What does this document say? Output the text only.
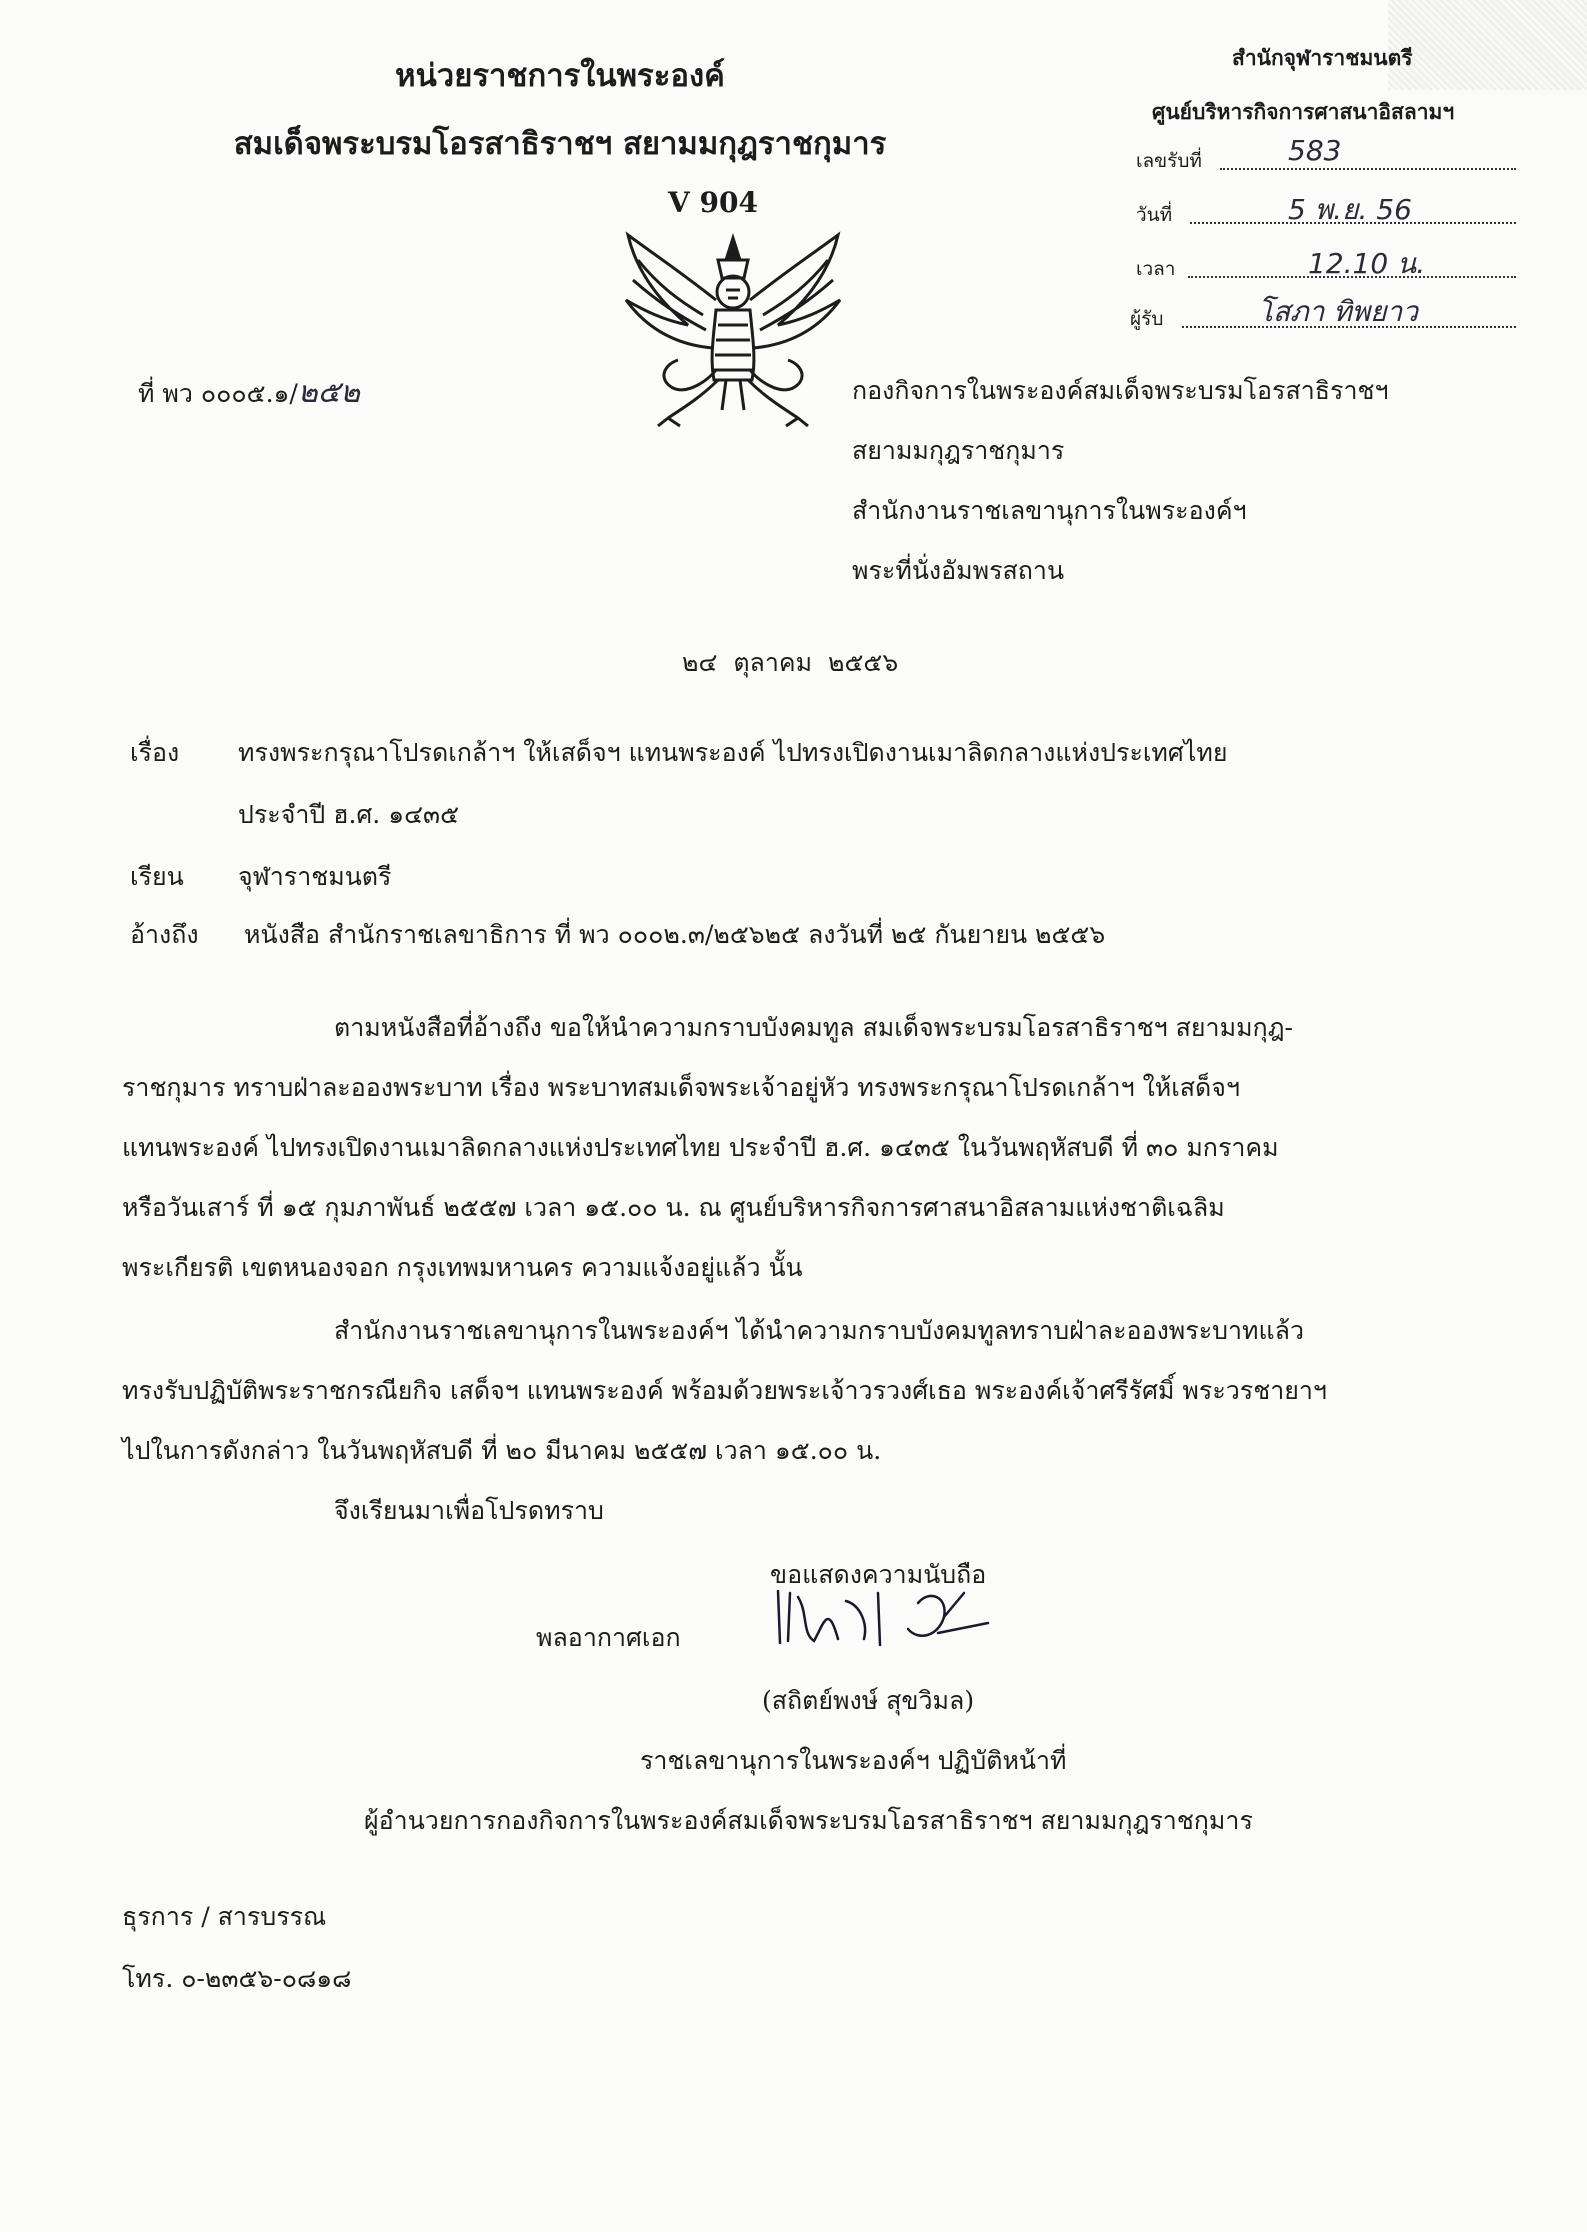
หน่วยราชการในพระองค์
สมเด็จพระบรมโอรสาธิราชฯ สยามมกุฎราชกุมาร
V 904
สำนักจุฬาราชมนตรี
ศูนย์บริหารกิจการศาสนาอิสลามฯ
เลขรับที่	583
วันที่	5 พ.ย. 56
เวลา	12.10 น.
ผู้รับ	โสภา ทิพยาว
ที่ พว ๐๐๐๕.๑/๒๕๒	กองกิจการในพระองค์สมเด็จพระบรมโอรสาธิราชฯ
สยามมกุฎราชกุมาร
สำนักงานราชเลขานุการในพระองค์ฯ
พระที่นั่งอัมพรสถาน
๒๔ ตุลาคม ๒๕๕๖
เรื่อง ทรงพระกรุณาโปรดเกล้าฯ ให้เสด็จฯ แทนพระองค์ ไปทรงเปิดงานเมาลิดกลางแห่งประเทศไทย
ประจำปี ฮ.ศ. ๑๔๓๕
เรียน จุฬาราชมนตรี
อ้างถึง หนังสือ สำนักราชเลขาธิการ ที่ พว ๐๐๐๒.๓/๒๕๖๒๕ ลงวันที่ ๒๕ กันยายน ๒๕๕๖
ตามหนังสือที่อ้างถึง ขอให้นำความกราบบังคมทูล สมเด็จพระบรมโอรสาธิราชฯ สยามมกุฎ-
ราชกุมาร ทราบฝ่าละอองพระบาท เรื่อง พระบาทสมเด็จพระเจ้าอยู่หัว ทรงพระกรุณาโปรดเกล้าฯ ให้เสด็จฯ
แทนพระองค์ ไปทรงเปิดงานเมาลิดกลางแห่งประเทศไทย ประจำปี ฮ.ศ. ๑๔๓๕ ในวันพฤหัสบดี ที่ ๓๐ มกราคม
หรือวันเสาร์ ที่ ๑๕ กุมภาพันธ์ ๒๕๕๗ เวลา ๑๕.๐๐ น. ณ ศูนย์บริหารกิจการศาสนาอิสลามแห่งชาติเฉลิม
พระเกียรติ เขตหนองจอก กรุงเทพมหานคร ความแจ้งอยู่แล้ว นั้น
สำนักงานราชเลขานุการในพระองค์ฯ ได้นำความกราบบังคมทูลทราบฝ่าละอองพระบาทแล้ว
ทรงรับปฏิบัติพระราชกรณียกิจ เสด็จฯ แทนพระองค์ พร้อมด้วยพระเจ้าวรวงศ์เธอ พระองค์เจ้าศรีรัศมิ์ พระวรชายาฯ
ไปในการดังกล่าว ในวันพฤหัสบดี ที่ ๒๐ มีนาคม ๒๕๕๗ เวลา ๑๕.๐๐ น.
จึงเรียนมาเพื่อโปรดทราบ
ขอแสดงความนับถือ
พลอากาศเอก
(สถิตย์พงษ์ สุขวิมล)
ราชเลขานุการในพระองค์ฯ ปฏิบัติหน้าที่
ผู้อำนวยการกองกิจการในพระองค์สมเด็จพระบรมโอรสาธิราชฯ สยามมกุฎราชกุมาร
ธุรการ / สารบรรณ
โทร. ๐-๒๓๕๖-๐๘๑๘
